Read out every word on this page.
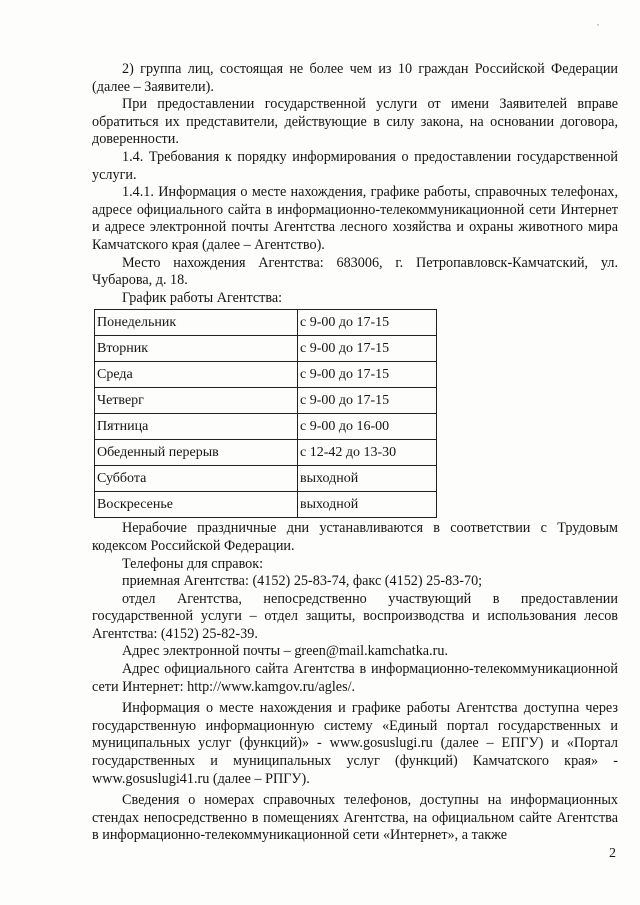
,

2) группа лиц, состоящая не более чем из 10 граждан Российской Федерации (далее – Заявители).

При предоставлении государственной услуги от имени Заявителей вправе обратиться их представители, действующие в силу закона, на основании договора, доверенности.

1.4. Требования к порядку информирования о предоставлении государственной услуги.

1.4.1. Информация о месте нахождения, графике работы, справочных телефонах, адресе официального сайта в информационно-телекоммуникационной сети Интернет и адресе электронной почты Агентства лесного хозяйства и охраны животного мира Камчатского края (далее – Агентство).

Место нахождения Агентства: 683006, г. Петропавловск-Камчатский, ул. Чубарова, д. 18.

График работы Агентства:

Понедельник	с 9-00 до 17-15
Вторник	с 9-00 до 17-15
Среда	с 9-00 до 17-15
Четверг	с 9-00 до 17-15
Пятница	с 9-00 до 16-00
Обеденный перерыв	с 12-42 до 13-30
Суббота	выходной
Воскресенье	выходной

Нерабочие праздничные дни устанавливаются в соответствии с Трудовым кодексом Российской Федерации.

Телефоны для справок:

приемная Агентства: (4152) 25-83-74, факс (4152) 25-83-70;

отдел Агентства, непосредственно участвующий в предоставлении государственной услуги – отдел защиты, воспроизводства и использования лесов Агентства: (4152) 25-82-39.

Адрес электронной почты – green@mail.kamchatka.ru.

Адрес официального сайта Агентства в информационно-телекоммуникационной сети Интернет: http://www.kamgov.ru/agles/.

Информация о месте нахождения и графике работы Агентства доступна через государственную информационную систему «Единый портал государственных и муниципальных услуг (функций)» - www.gosuslugi.ru (далее – ЕПГУ) и «Портал государственных и муниципальных услуг (функций) Камчатского края» - www.gosuslugi41.ru (далее – РПГУ).

Сведения о номерах справочных телефонов, доступны на информационных стендах непосредственно в помещениях Агентства, на официальном сайте Агентства в информационно-телекоммуникационной сети «Интернет», а также

2
